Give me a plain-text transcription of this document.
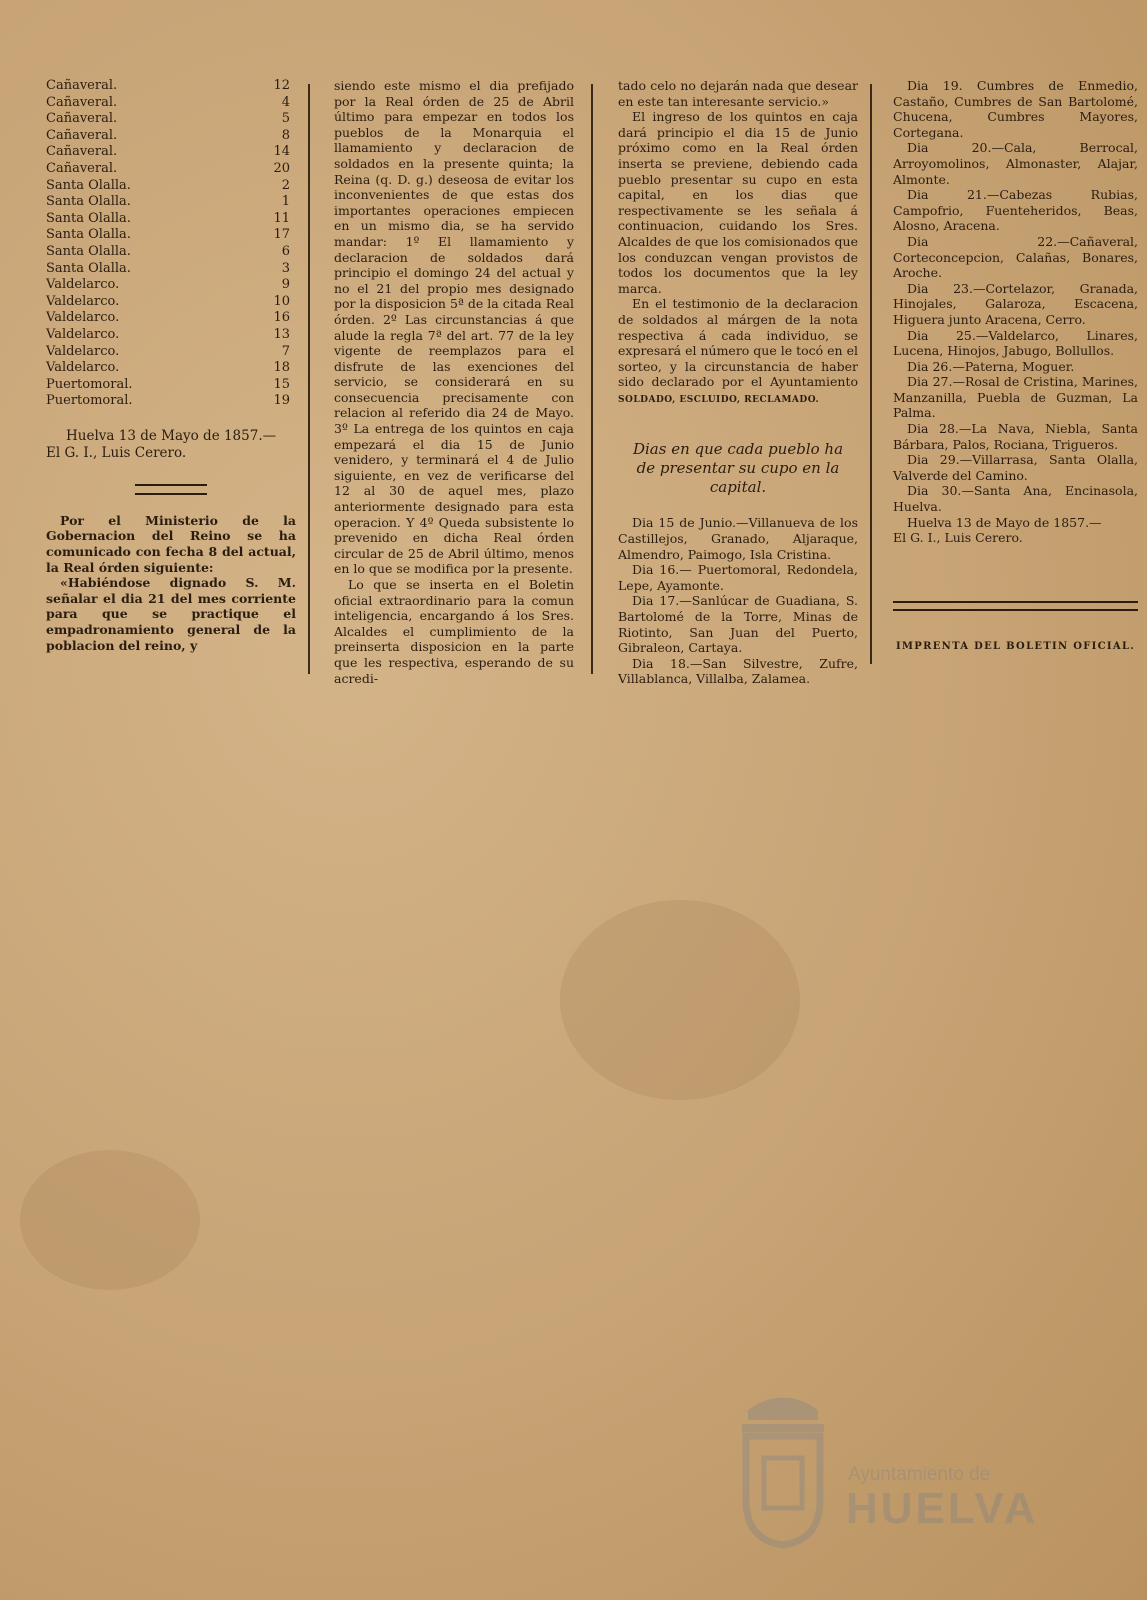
Cañaveral.	12
Cañaveral.	4
Cañaveral.	5
Cañaveral.	8
Cañaveral.	14
Cañaveral.	20
Santa Olalla.	2
Santa Olalla.	1
Santa Olalla.	11
Santa Olalla.	17
Santa Olalla.	6
Santa Olalla.	3
Valdelarco.	9
Valdelarco.	10
Valdelarco.	16
Valdelarco.	13
Valdelarco.	7
Valdelarco.	18
Puertomoral.	15
Puertomoral.	19
Huelva 13 de Mayo de 1857.—
El G. I., Luis Cerero.

Por el Ministerio de la Gobernacion del Reino se ha comunicado con fecha 8 del actual, la Real órden siguiente:

«Habiéndose dignado S. M. señalar el dia 21 del mes corriente para que se practique el empadronamiento general de la poblacion del reino, y

siendo este mismo el dia prefijado por la Real órden de 25 de Abril último para empezar en todos los pueblos de la Monarquia el llamamiento y declaracion de soldados en la presente quinta; la Reina (q. D. g.) deseosa de evitar los inconvenientes de que estas dos importantes operaciones empiecen en un mismo dia, se ha servido mandar: 1º El llamamiento y declaracion de soldados dará principio el domingo 24 del actual y no el 21 del propio mes designado por la disposicion 5ª de la citada Real órden. 2º Las circunstancias á que alude la regla 7ª del art. 77 de la ley vigente de reemplazos para el disfrute de las exenciones del servicio, se considerará en su consecuencia precisamente con relacion al referido dia 24 de Mayo. 3º La entrega de los quintos en caja empezará el dia 15 de Junio venidero, y terminará el 4 de Julio siguiente, en vez de verificarse del 12 al 30 de aquel mes, plazo anteriormente designado para esta operacion. Y 4º Queda subsistente lo prevenido en dicha Real órden circular de 25 de Abril último, menos en lo que se modifica por la presente.

Lo que se inserta en el Boletin oficial extraordinario para la comun inteligencia, encargando á los Sres. Alcaldes el cumplimiento de la preinserta disposicion en la parte que les respectiva, esperando de su acredi-

tado celo no dejarán nada que desear en este tan interesante servicio.»

El ingreso de los quintos en caja dará principio el dia 15 de Junio próximo como en la Real órden inserta se previene, debiendo cada pueblo presentar su cupo en esta capital, en los dias que respectivamente se les señala á continuacion, cuidando los Sres. Alcaldes de que los comisionados que los conduzcan vengan provistos de todos los documentos que la ley marca.

En el testimonio de la declaracion de soldados al márgen de la nota respectiva á cada individuo, se expresará el número que le tocó en el sorteo, y la circunstancia de haber sido declarado por el Ayuntamiento SOLDADO, ESCLUIDO, RECLAMADO.

Dias en que cada pueblo ha de presentar su cupo en la capital.

Dia 15 de Junio.—Villanueva de los Castillejos, Granado, Aljaraque, Almendro, Paimogo, Isla Cristina.

Dia 16.— Puertomoral, Redondela, Lepe, Ayamonte.

Dia 17.—Sanlúcar de Guadiana, S. Bartolomé de la Torre, Minas de Riotinto, San Juan del Puerto, Gibraleon, Cartaya.

Dia 18.—San Silvestre, Zufre, Villablanca, Villalba, Zalamea.

Dia 19. Cumbres de Enmedio, Castaño, Cumbres de San Bartolomé, Chucena, Cumbres Mayores, Cortegana.

Dia 20.—Cala, Berrocal, Arroyomolinos, Almonaster, Alajar, Almonte.

Dia 21.—Cabezas Rubias, Campofrio, Fuenteheridos, Beas, Alosno, Aracena.

Dia 22.—Cañaveral, Corteconcepcion, Calañas, Bonares, Aroche.

Dia 23.—Cortelazor, Granada, Hinojales, Galaroza, Escacena, Higuera junto Aracena, Cerro.

Dia 25.—Valdelarco, Linares, Lucena, Hinojos, Jabugo, Bollullos.

Dia 26.—Paterna, Moguer.

Dia 27.—Rosal de Cristina, Marines, Manzanilla, Puebla de Guzman, La Palma.

Dia 28.—La Nava, Niebla, Santa Bárbara, Palos, Rociana, Trigueros.

Dia 29.—Villarrasa, Santa Olalla, Valverde del Camino.

Dia 30.—Santa Ana, Encinasola, Huelva.

Huelva 13 de Mayo de 1857.—

El G. I., Luis Cerero.

IMPRENTA DEL BOLETIN OFICIAL.
Ayuntamiento de
HUELVA
